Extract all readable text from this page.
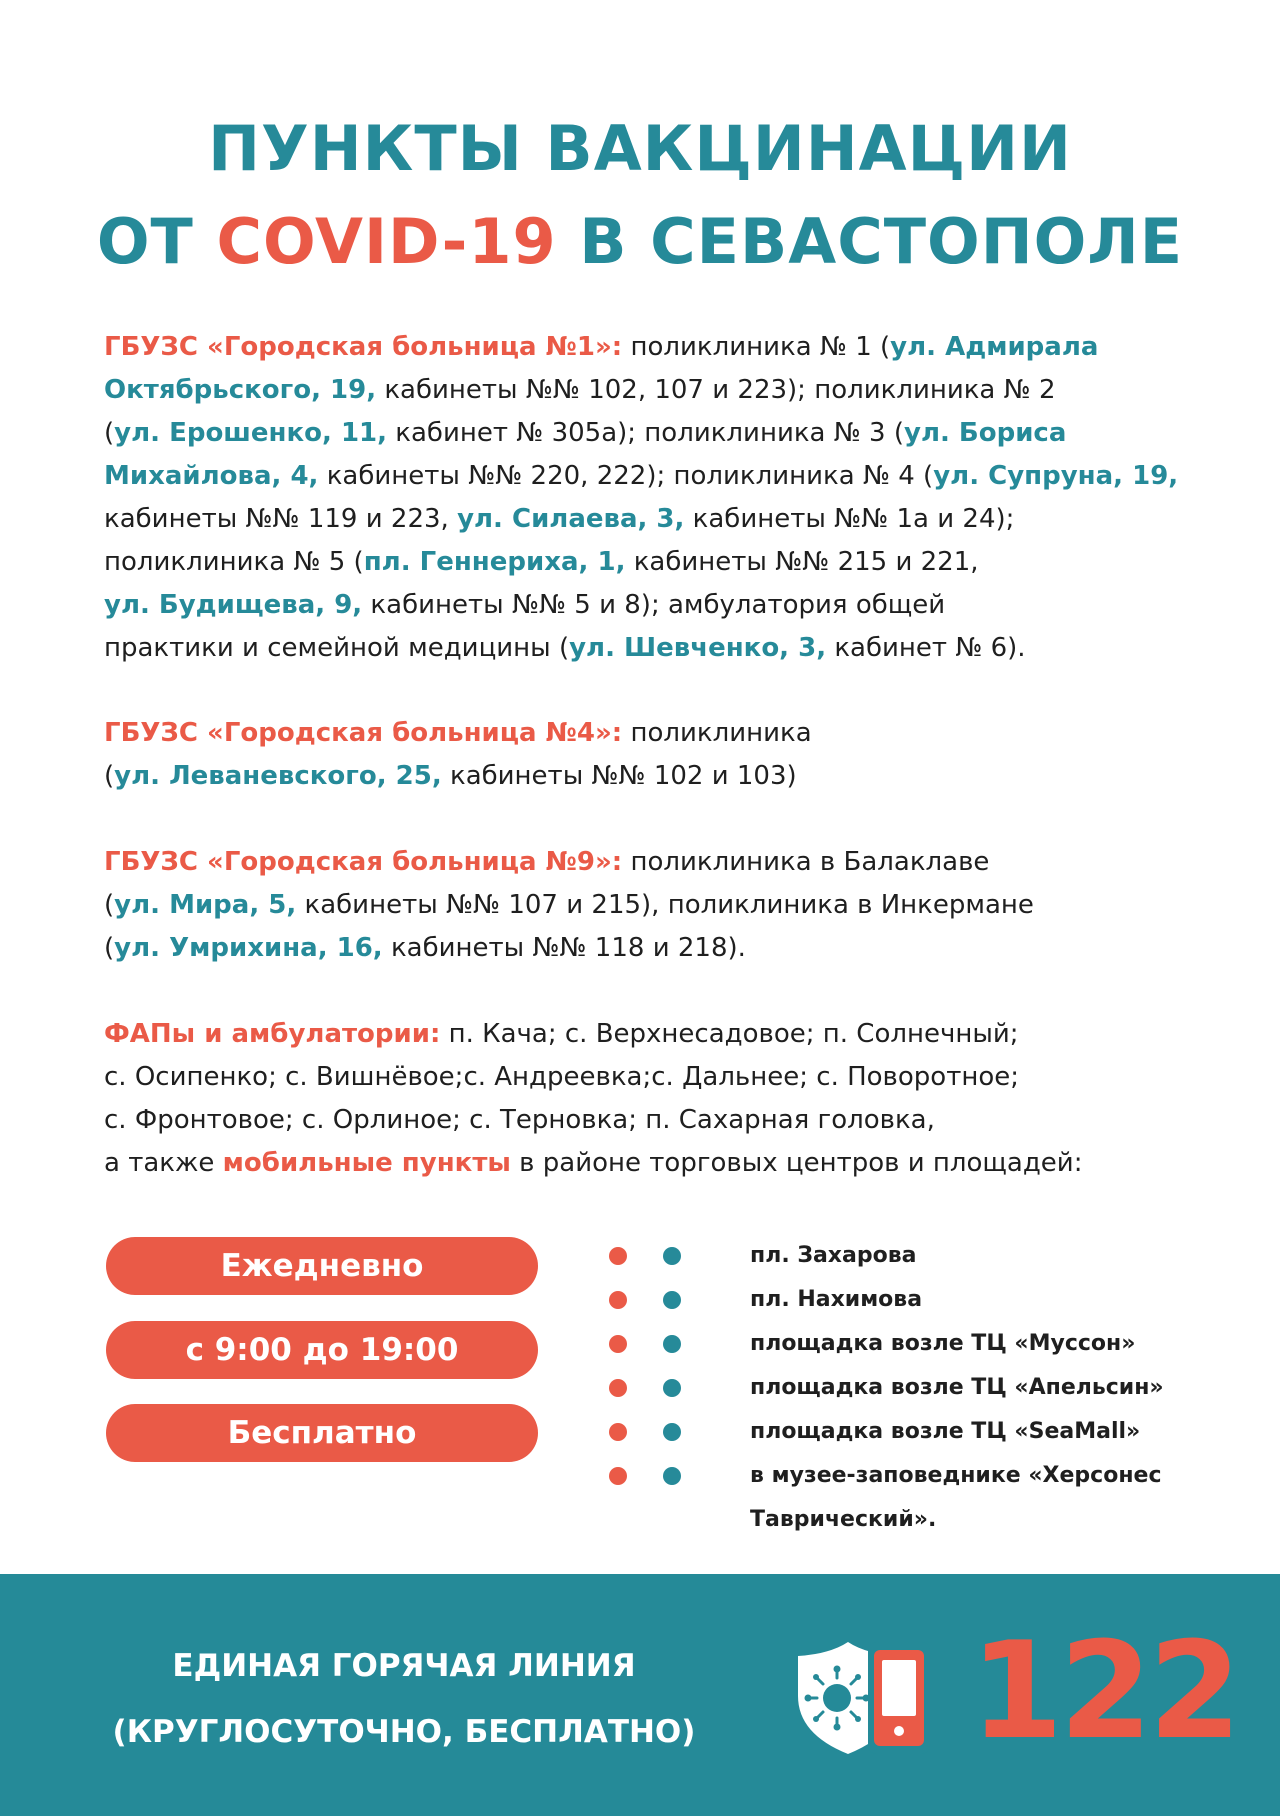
ПУНКТЫ ВАКЦИНАЦИИ
ОТ COVID-19 В СЕВАСТОПОЛЕ
ГБУЗС «Городская больница №1»: поликлиника № 1 (ул. Адмирала
Октябрьского, 19, кабинеты №№ 102, 107 и 223); поликлиника № 2
(ул. Ерошенко, 11, кабинет № 305а); поликлиника № 3 (ул. Бориса
Михайлова, 4, кабинеты №№ 220, 222); поликлиника № 4 (ул. Супруна, 19,
кабинеты №№ 119 и 223, ул. Силаева, 3, кабинеты №№ 1а и 24);
поликлиника № 5 (пл. Геннериха, 1, кабинеты №№ 215 и 221,
ул. Будищева, 9, кабинеты №№ 5 и 8); амбулатория общей
практики и семейной медицины (ул. Шевченко, 3, кабинет № 6).
ГБУЗС «Городская больница №4»: поликлиника
(ул. Леваневского, 25, кабинеты №№ 102 и 103)
ГБУЗС «Городская больница №9»: поликлиника в Балаклаве
(ул. Мира, 5, кабинеты №№ 107 и 215), поликлиника в Инкермане
(ул. Умрихина, 16, кабинеты №№ 118 и 218).
ФАПы и амбулатории: п. Кача; с. Верхнесадовое; п. Солнечный;
с. Осипенко; с. Вишнёвое;с. Андреевка;с. Дальнее; с. Поворотное;
с. Фронтовое; с. Орлиное; с. Терновка; п. Сахарная головка,
а также мобильные пункты в районе торговых центров и площадей:
Ежедневно
с 9:00 до 19:00
Бесплатно
пл. Захарова
пл. Нахимова
площадка возле ТЦ «Муссон»
площадка возле ТЦ «Апельсин»
площадка возле ТЦ «SeaMall»
в музее-заповеднике «Херсонес
Таврический».
ЕДИНАЯ ГОРЯЧАЯ ЛИНИЯ
(КРУГЛОСУТОЧНО, БЕСПЛАТНО) 122
